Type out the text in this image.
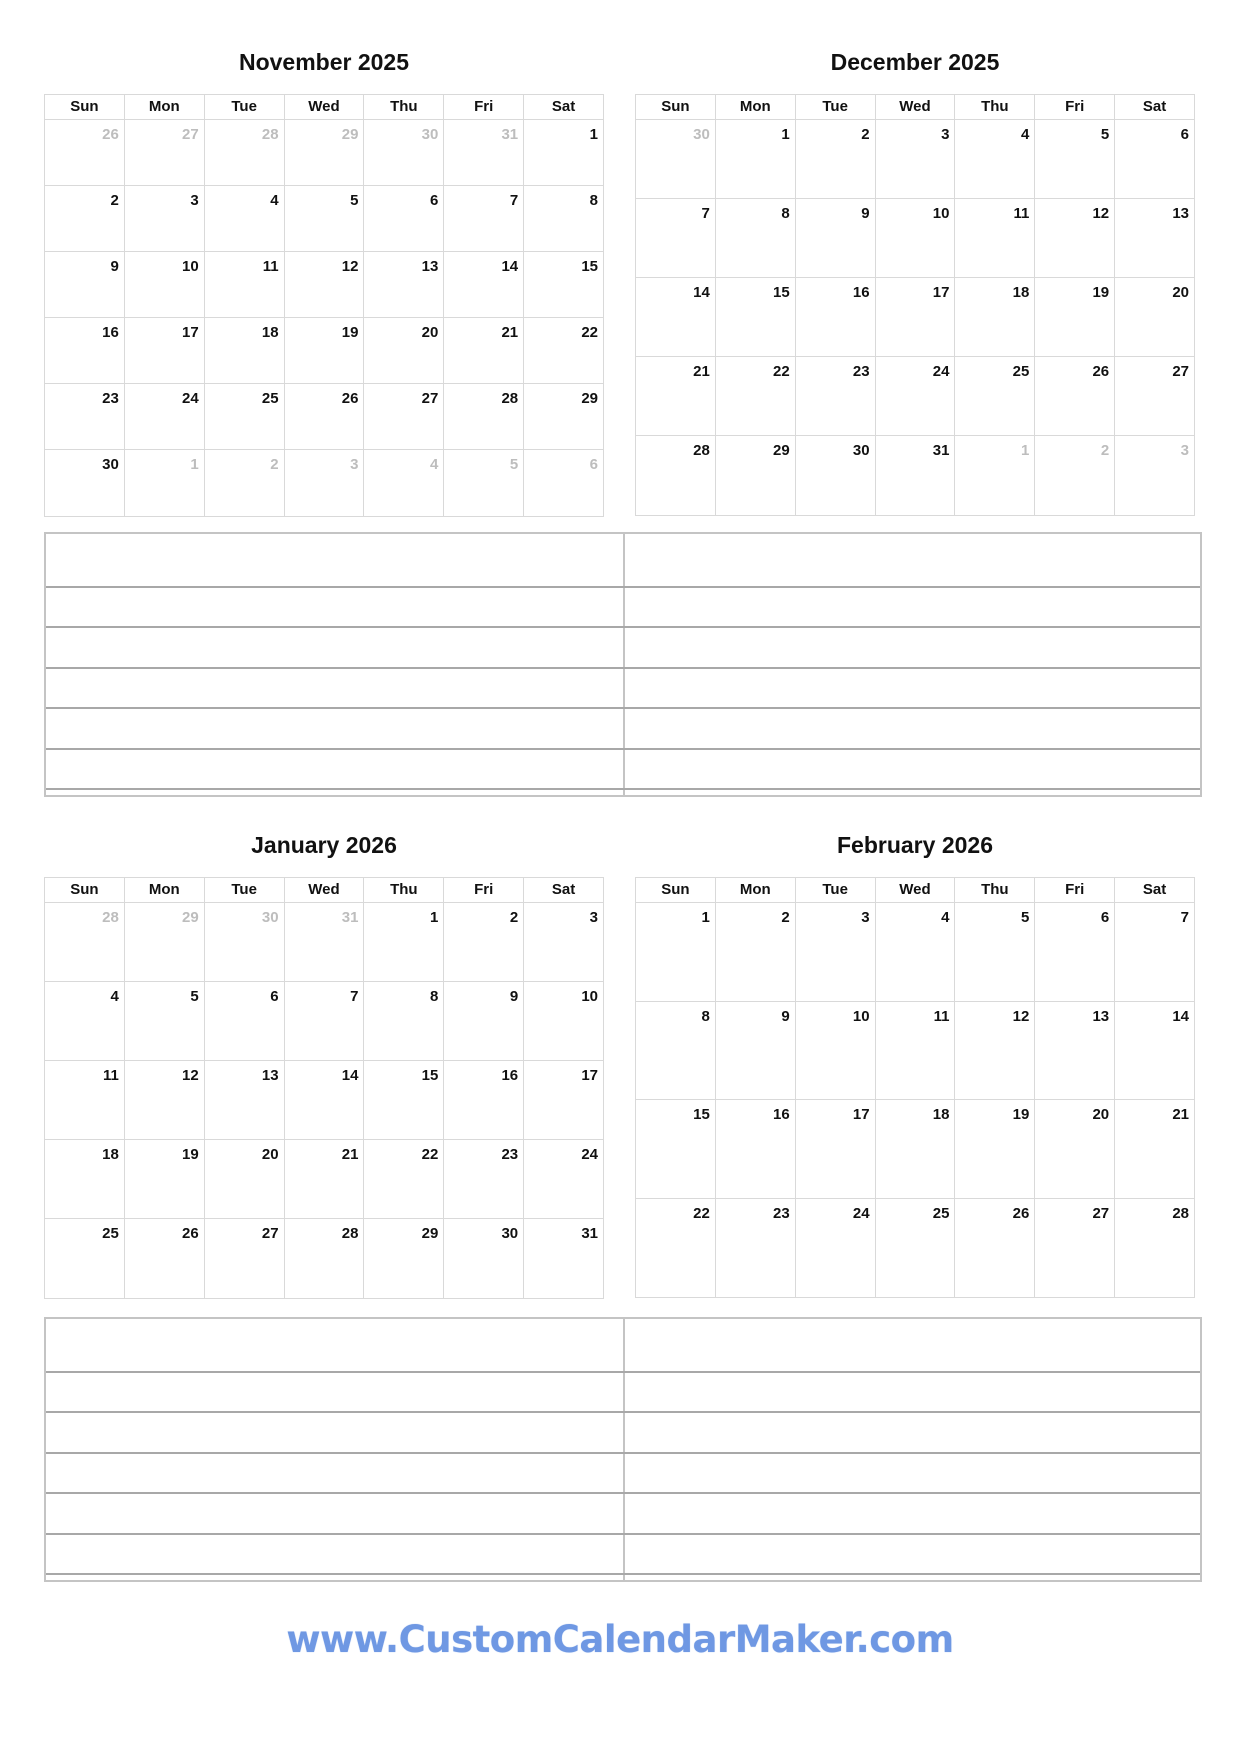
November 2025
Sun	Mon	Tue	Wed	Thu	Fri	Sat
26	27	28	29	30	31	1
2	3	4	5	6	7	8
9	10	11	12	13	14	15
16	17	18	19	20	21	22
23	24	25	26	27	28	29
30	1	2	3	4	5	6
December 2025
Sun	Mon	Tue	Wed	Thu	Fri	Sat
30	1	2	3	4	5	6
7	8	9	10	11	12	13
14	15	16	17	18	19	20
21	22	23	24	25	26	27
28	29	30	31	1	2	3
January 2026
Sun	Mon	Tue	Wed	Thu	Fri	Sat
28	29	30	31	1	2	3
4	5	6	7	8	9	10
11	12	13	14	15	16	17
18	19	20	21	22	23	24
25	26	27	28	29	30	31
February 2026
Sun	Mon	Tue	Wed	Thu	Fri	Sat
1	2	3	4	5	6	7
8	9	10	11	12	13	14
15	16	17	18	19	20	21
22	23	24	25	26	27	28
www.CustomCalendarMaker.com
